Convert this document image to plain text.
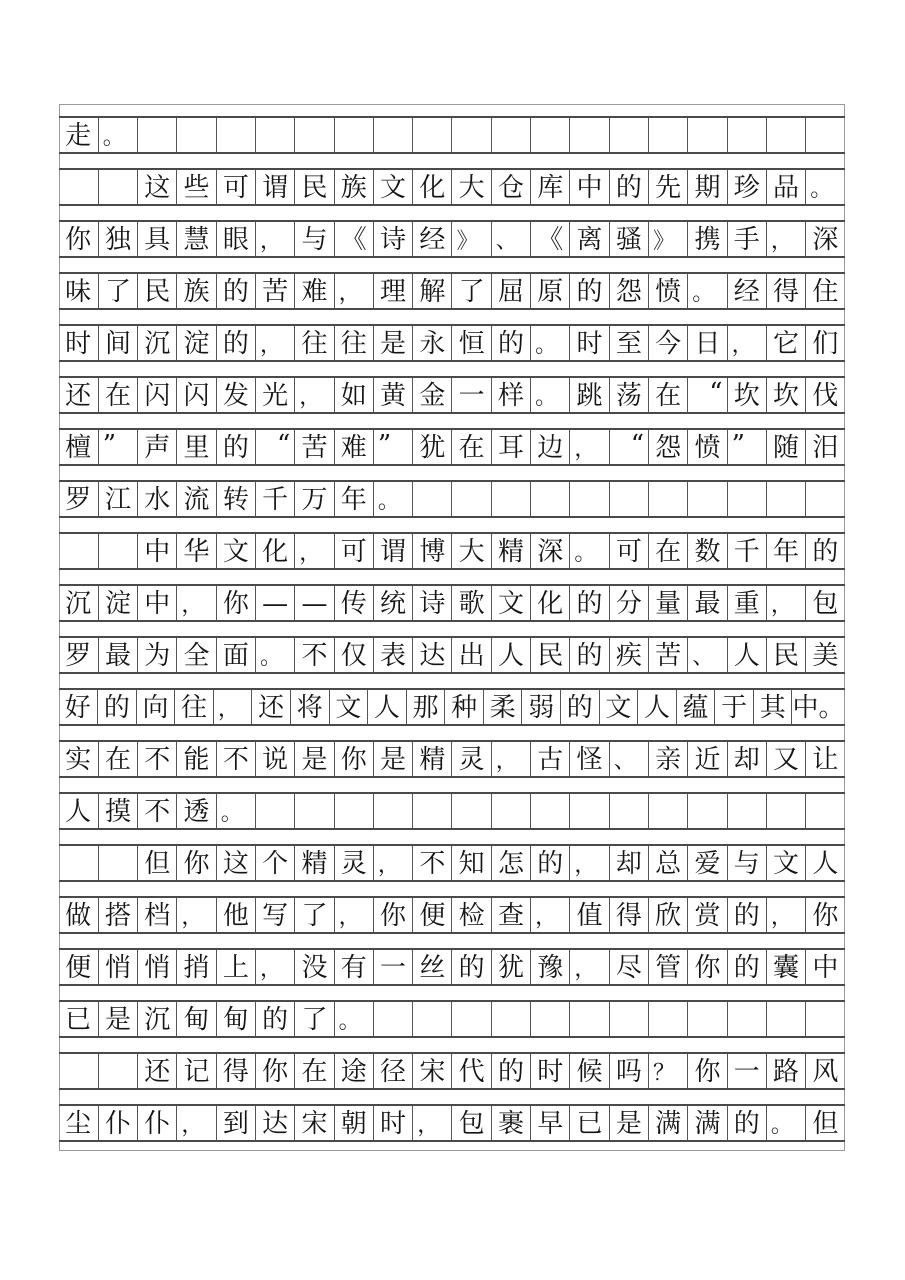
走 。
这 些 可 谓 民 族 文 化 大 仓 库 中 的 先 期 珍 品 。
你 独 具 慧 眼 ， 与 《 诗 经 》 、 《 离 骚 》 携 手 ， 深
味 了 民 族 的 苦 难 ， 理 解 了 屈 原 的 怨 愤 。 经 得 住
时 间 沉 淀 的 ， 往 往 是 永 恒 的 。 时 至 今 日 ， 它 们
还 在 闪 闪 发 光 ， 如 黄 金 一 样 。 跳 荡 在	“ 坎 坎 伐
檀 ”	声 里 的	“ 苦 难 ”	犹 在 耳 边 ，	“ 怨 愤 ”	随 汨
罗 江 水 流 转 千 万 年 。
中 华 文 化 ， 可 谓 博 大 精 深 。 可 在 数 千 年 的
沉 淀 中 ， 你 — — 传 统 诗 歌 文 化 的 分 量 最 重 ， 包
罗 最 为 全 面 。 不 仅 表 达 出 人 民 的 疾 苦 、 人 民 美
好 的 向 往 ， 还 将 文 人 那 种 柔 弱 的 文 人 蕴 于 其 中。
实 在 不 能 不 说 是 你 是 精 灵 ， 古 怪 、 亲 近 却 又 让
人 摸 不 透 。
但 你 这 个 精 灵 ， 不 知 怎 的 ， 却 总 爱 与 文 人
做 搭 档 ， 他 写 了 ， 你 便 检 查 ， 值 得 欣 赏 的 ， 你
便 悄 悄 捎 上 ， 没 有 一 丝 的 犹 豫 ， 尽 管 你 的 囊 中
已 是 沉 甸 甸 的 了 。
还 记 得 你 在 途 径 宋 代 的 时 候 吗 ？ 你 一 路 风
尘 仆 仆 ， 到 达 宋 朝 时 ， 包 裹 早 已 是 满 满 的 。 但
